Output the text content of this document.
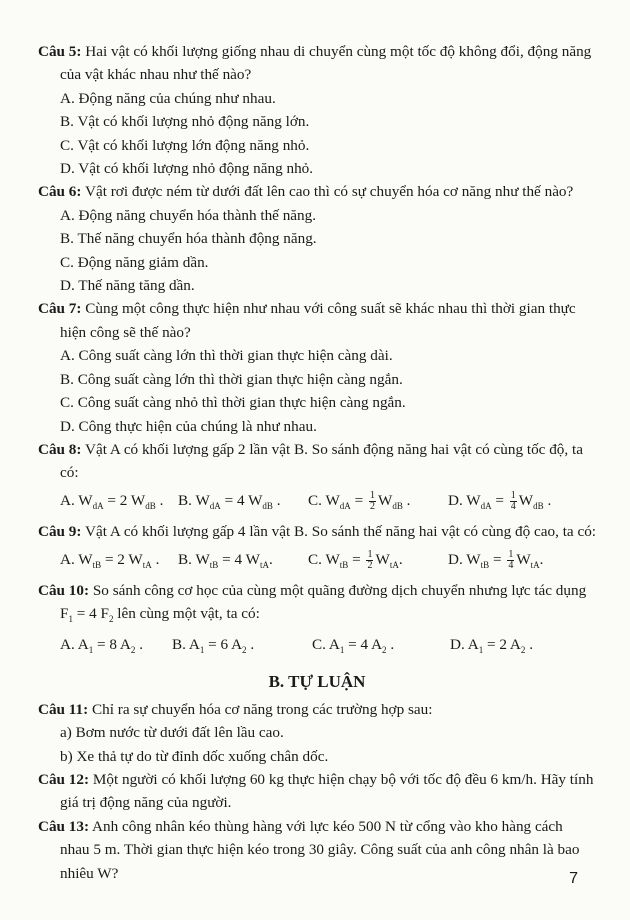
Câu 5: Hai vật có khối lượng giống nhau di chuyển cùng một tốc độ không đổi, động năng của vật khác nhau như thế nào?

A. Động năng của chúng như nhau.
B. Vật có khối lượng nhỏ động năng lớn.
C. Vật có khối lượng lớn động năng nhỏ.
D. Vật có khối lượng nhỏ động năng nhỏ.

Câu 6: Vật rơi được ném từ dưới đất lên cao thì có sự chuyển hóa cơ năng như thế nào?

A. Động năng chuyển hóa thành thế năng.
B. Thế năng chuyển hóa thành động năng.
C. Động năng giảm dần.
D. Thế năng tăng dần.

Câu 7: Cùng một công thực hiện như nhau với công suất sẽ khác nhau thì thời gian thực hiện công sẽ thế nào?

A. Công suất càng lớn thì thời gian thực hiện càng dài.
B. Công suất càng lớn thì thời gian thực hiện càng ngắn.
C. Công suất càng nhỏ thì thời gian thực hiện càng ngắn.
D. Công thực hiện của chúng là như nhau.

Câu 8: Vật A có khối lượng gấp 2 lần vật B. So sánh động năng hai vật có cùng tốc độ, ta có:

A. $W_{dA} = 2$ $W_{dB}$ . B. $W_{dA} = 4$ $W_{dB}$ .	C. $W_{dA} = \frac{1}{2} W_{dB}$ .	D. $W_{dA} = \frac{1}{4} W_{dB}$ .

Câu 9: Vật A có khối lượng gấp 4 lần vật B. So sánh thế năng hai vật có cùng độ cao, ta có:

A. $W_{tB} = 2$ $W_{tA}$ .	B. $W_{tB} = 4$ $W_{tA}$.	C. $W_{tB} = \frac{1}{2} W_{tA}$.	D. $W_{tB} = \frac{1}{4} W_{tA}$.

Câu 10: So sánh công cơ học của cùng một quãng đường dịch chuyển nhưng lực tác dụng $F_1 = 4$ $F_2$ lên cùng một vật, ta có:

A. $A_1 = 8$ $A_2$ .	B. $A_1 = 6$ $A_2$ .	C. $A_1 = 4$ $A_2$ .	D. $A_1 = 2$ $A_2$ .
B. TỰ LUẬN

Câu 11: Chỉ ra sự chuyển hóa cơ năng trong các trường hợp sau:

a) Bơm nước từ dưới đất lên lầu cao.
b) Xe thả tự do từ đỉnh dốc xuống chân dốc.

Câu 12: Một người có khối lượng 60 kg thực hiện chạy bộ với tốc độ đều 6 km/h. Hãy tính giá trị động năng của người.

Câu 13: Anh công nhân kéo thùng hàng với lực kéo 500 N từ cổng vào kho hàng cách nhau 5 m. Thời gian thực hiện kéo trong 30 giây. Công suất của anh công nhân là bao nhiêu W?	7
